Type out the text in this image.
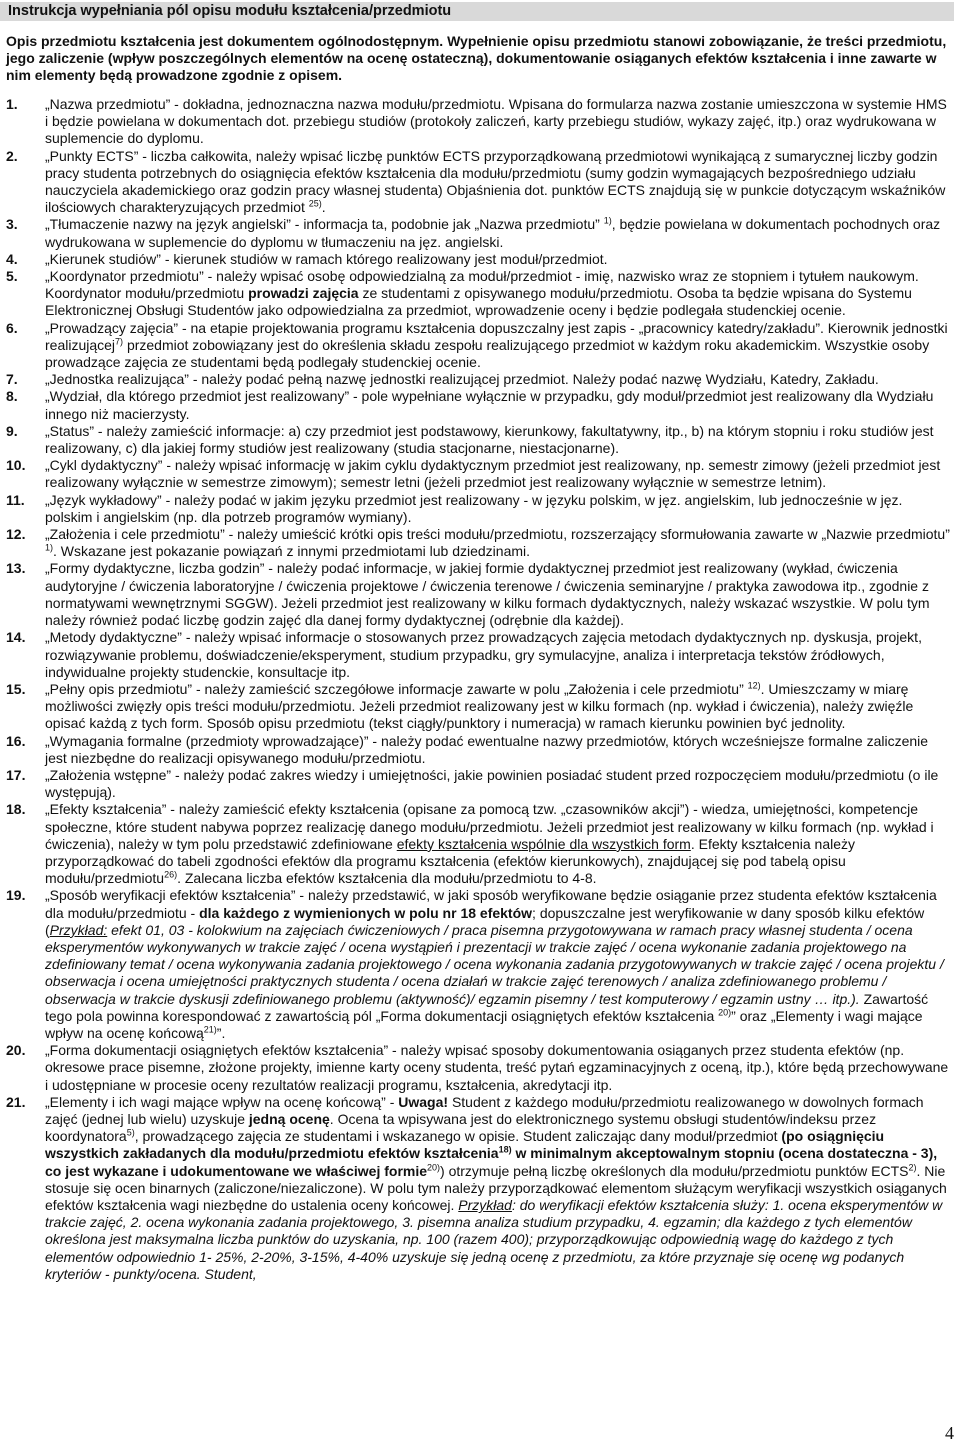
Instrukcja wypełniania pól opisu modułu kształcenia/przedmiotu
Opis przedmiotu kształcenia jest dokumentem ogólnodostępnym. Wypełnienie opisu przedmiotu stanowi zobowiązanie, że treści przedmiotu, jego zaliczenie (wpływ poszczególnych elementów na ocenę ostateczną), dokumentowanie osiąganych efektów kształcenia i inne zawarte w nim elementy będą prowadzone zgodnie z opisem.
1.	„Nazwa przedmiotu” - dokładna, jednoznaczna nazwa modułu/przedmiotu. Wpisana do formularza nazwa zostanie umieszczona w systemie HMS i będzie powielana w dokumentach dot. przebiegu studiów (protokoły zaliczeń, karty przebiegu studiów, wykazy zajęć, itp.) oraz wydrukowana w suplemencie do dyplomu.
2.	„Punkty ECTS” - liczba całkowita, należy wpisać liczbę punktów ECTS przyporządkowaną przedmiotowi wynikającą z sumarycznej liczby godzin pracy studenta potrzebnych do osiągnięcia efektów kształcenia dla modułu/przedmiotu (sumy godzin wymagających bezpośredniego udziału nauczyciela akademickiego oraz godzin pracy własnej studenta) Objaśnienia dot. punktów ECTS znajdują się w punkcie dotyczącym wskaźników ilościowych charakteryzujących przedmiot $^{25)}$.
3.	„Tłumaczenie nazwy na język angielski” - informacja ta, podobnie jak „Nazwa przedmiotu” $^{1)}$, będzie powielana w dokumentach pochodnych oraz wydrukowana w suplemencie do dyplomu w tłumaczeniu na jęz. angielski.
4.	„Kierunek studiów” - kierunek studiów w ramach którego realizowany jest moduł/przedmiot.
5.	„Koordynator przedmiotu” - należy wpisać osobę odpowiedzialną za moduł/przedmiot - imię, nazwisko wraz ze stopniem i tytułem naukowym. Koordynator modułu/przedmiotu prowadzi zajęcia ze studentami z opisywanego modułu/przedmiotu. Osoba ta będzie wpisana do Systemu Elektronicznej Obsługi Studentów jako odpowiedzialna za przedmiot, wprowadzenie oceny i będzie podlegała studenckiej ocenie.
6.	„Prowadzący zajęcia” - na etapie projektowania programu kształcenia dopuszczalny jest zapis - „pracownicy katedry/zakładu”. Kierownik jednostki realizującej$^{7)}$ przedmiot zobowiązany jest do określenia składu zespołu realizującego przedmiot w każdym roku akademickim. Wszystkie osoby prowadzące zajęcia ze studentami będą podlegały studenckiej ocenie.
7.	„Jednostka realizująca” - należy podać pełną nazwę jednostki realizującej przedmiot. Należy podać nazwę Wydziału, Katedry, Zakładu.
8.	„Wydział, dla którego przedmiot jest realizowany” - pole wypełniane wyłącznie w przypadku, gdy moduł/przedmiot jest realizowany dla Wydziału innego niż macierzysty.
9.	„Status” - należy zamieścić informacje: a) czy przedmiot jest podstawowy, kierunkowy, fakultatywny, itp., b) na którym stopniu i roku studiów jest realizowany, c) dla jakiej formy studiów jest realizowany (studia stacjonarne, niestacjonarne).
10.	„Cykl dydaktyczny” - należy wpisać informację w jakim cyklu dydaktycznym przedmiot jest realizowany, np. semestr zimowy (jeżeli przedmiot jest realizowany wyłącznie w semestrze zimowym); semestr letni (jeżeli przedmiot jest realizowany wyłącznie w semestrze letnim).
11.	„Język wykładowy” - należy podać w jakim języku przedmiot jest realizowany - w języku polskim, w jęz. angielskim, lub jednocześnie w jęz. polskim i angielskim (np. dla potrzeb programów wymiany).
12.	„Założenia i cele przedmiotu” - należy umieścić krótki opis treści modułu/przedmiotu, rozszerzający sformułowania zawarte w „Nazwie przedmiotu” $^{1)}$. Wskazane jest pokazanie powiązań z innymi przedmiotami lub dziedzinami.
13.	„Formy dydaktyczne, liczba godzin” - należy podać informacje, w jakiej formie dydaktycznej przedmiot jest realizowany (wykład, ćwiczenia audytoryjne / ćwiczenia laboratoryjne / ćwiczenia projektowe / ćwiczenia terenowe / ćwiczenia seminaryjne / praktyka zawodowa itp., zgodnie z normatywami wewnętrznymi SGGW). Jeżeli przedmiot jest realizowany w kilku formach dydaktycznych, należy wskazać wszystkie. W polu tym należy również podać liczbę godzin zajęć dla danej formy dydaktycznej (odrębnie dla każdej).
14.	„Metody dydaktyczne” - należy wpisać informacje o stosowanych przez prowadzących zajęcia metodach dydaktycznych np. dyskusja, projekt, rozwiązywanie problemu, doświadczenie/eksperyment, studium przypadku, gry symulacyjne, analiza i interpretacja tekstów źródłowych, indywidualne projekty studenckie, konsultacje itp.
15.	„Pełny opis przedmiotu” - należy zamieścić szczegółowe informacje zawarte w polu „Założenia i cele przedmiotu” $^{12)}$. Umieszczamy w miarę możliwości zwięzły opis treści modułu/przedmiotu. Jeżeli przedmiot realizowany jest w kilku formach (np. wykład i ćwiczenia), należy zwięźle opisać każdą z tych form. Sposób opisu przedmiotu (tekst ciągły/punktory i numeracja) w ramach kierunku powinien być jednolity.
16.	„Wymagania formalne (przedmioty wprowadzające)” - należy podać ewentualne nazwy przedmiotów, których wcześniejsze formalne zaliczenie jest niezbędne do realizacji opisywanego modułu/przedmiotu.
17.	„Założenia wstępne” - należy podać zakres wiedzy i umiejętności, jakie powinien posiadać student przed rozpoczęciem modułu/przedmiotu (o ile występują).
18.	„Efekty kształcenia” - należy zamieścić efekty kształcenia (opisane za pomocą tzw. „czasowników akcji”) - wiedza, umiejętności, kompetencje społeczne, które student nabywa poprzez realizację danego modułu/przedmiotu. Jeżeli przedmiot jest realizowany w kilku formach (np. wykład i ćwiczenia), należy w tym polu przedstawić zdefiniowane efekty kształcenia wspólnie dla wszystkich form. Efekty kształcenia należy przyporządkować do tabeli zgodności efektów dla programu kształcenia (efektów kierunkowych), znajdującej się pod tabelą opisu modułu/przedmiotu$^{26)}$. Zalecana liczba efektów kształcenia dla modułu/przedmiotu to 4-8.
19.	„Sposób weryfikacji efektów kształcenia” - należy przedstawić, w jaki sposób weryfikowane będzie osiąganie przez studenta efektów kształcenia dla modułu/przedmiotu - dla każdego z wymienionych w polu nr 18 efektów; dopuszczalne jest weryfikowanie w dany sposób kilku efektów (Przykład: efekt 01, 03 - kolokwium na zajęciach ćwiczeniowych / praca pisemna przygotowywana w ramach pracy własnej studenta / ocena eksperymentów wykonywanych w trakcie zajęć / ocena wystąpień i prezentacji w trakcie zajęć / ocena wykonanie zadania projektowego na zdefiniowany temat / ocena wykonywania zadania projektowego / ocena wykonania zadania przygotowywanych w trakcie zajęć / ocena projektu / obserwacja i ocena umiejętności praktycznych studenta / ocena działań w trakcie zajęć terenowych / analiza zdefiniowanego problemu / obserwacja w trakcie dyskusji zdefiniowanego problemu (aktywność)/ egzamin pisemny / test komputerowy / egzamin ustny … itp.). Zawartość tego pola powinna korespondować z zawartością pól „Forma dokumentacji osiągniętych efektów kształcenia $^{20)}$” oraz „Elementy i wagi mające wpływ na ocenę końcową$^{21)}$”.
20.	„Forma dokumentacji osiągniętych efektów kształcenia” - należy wpisać sposoby dokumentowania osiąganych przez studenta efektów (np. okresowe prace pisemne, złożone projekty, imienne karty oceny studenta, treść pytań egzaminacyjnych z oceną, itp.), które będą przechowywane i udostępniane w procesie oceny rezultatów realizacji programu, kształcenia, akredytacji itp.
21.	„Elementy i ich wagi mające wpływ na ocenę końcową” - Uwaga! Student z każdego modułu/przedmiotu realizowanego w dowolnych formach zajęć (jednej lub wielu) uzyskuje jedną ocenę. Ocena ta wpisywana jest do elektronicznego systemu obsługi studentów/indeksu przez koordynatora$^{5)}$, prowadzącego zajęcia ze studentami i wskazanego w opisie. Student zaliczając dany moduł/przedmiot (po osiągnięciu wszystkich zakładanych dla modułu/przedmiotu efektów kształcenia$^{18)}$ w minimalnym akceptowalnym stopniu (ocena dostateczna - 3), co jest wykazane i udokumentowane we właściwej formie$^{20)}$) otrzymuje pełną liczbę określonych dla modułu/przedmiotu punktów ECTS$^{2)}$. Nie stosuje się ocen binarnych (zaliczone/niezaliczone). W polu tym należy przyporządkować elementom służącym weryfikacji wszystkich osiąganych efektów kształcenia wagi niezbędne do ustalenia oceny końcowej. Przykład: do weryfikacji efektów kształcenia służy: 1. ocena eksperymentów w trakcie zajęć, 2. ocena wykonania zadania projektowego, 3. pisemna analiza studium przypadku, 4. egzamin; dla każdego z tych elementów określona jest maksymalna liczba punktów do uzyskania, np. 100 (razem 400); przyporządkowując odpowiednią wagę do każdego z tych elementów odpowiednio 1- 25%, 2-20%, 3-15%, 4-40% uzyskuje się jedną ocenę z przedmiotu, za które przyznaje się ocenę wg podanych kryteriów - punkty/ocena. Student,
4
